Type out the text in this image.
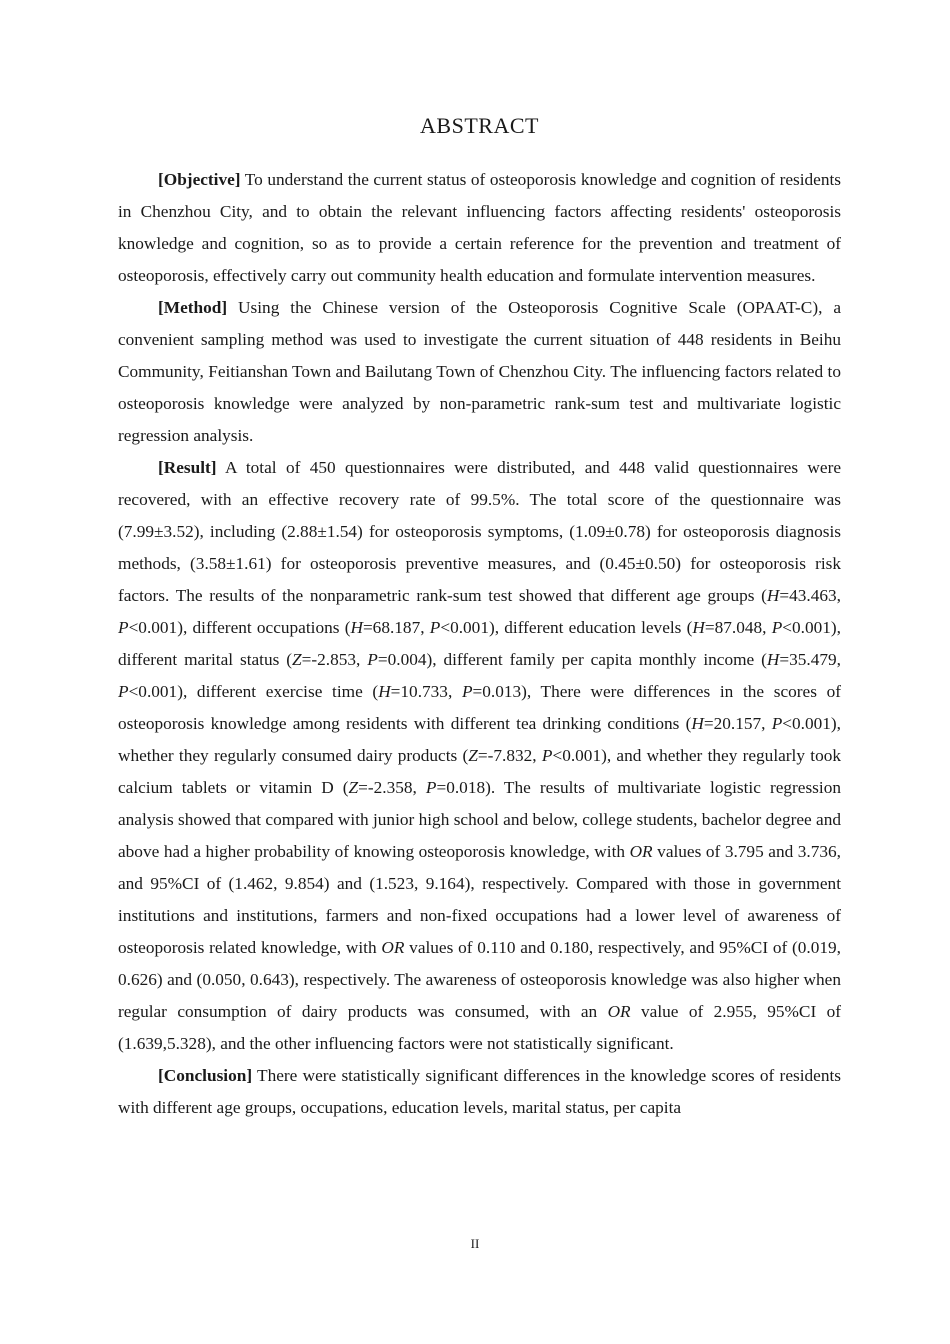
ABSTRACT

[Objective] To understand the current status of osteoporosis knowledge and cognition of residents in Chenzhou City, and to obtain the relevant influencing factors affecting residents' osteoporosis knowledge and cognition, so as to provide a certain reference for the prevention and treatment of osteoporosis, effectively carry out community health education and formulate intervention measures.

[Method] Using the Chinese version of the Osteoporosis Cognitive Scale (OPAAT-C), a convenient sampling method was used to investigate the current situation of 448 residents in Beihu Community, Feitianshan Town and Bailutang Town of Chenzhou City. The influencing factors related to osteoporosis knowledge were analyzed by non-parametric rank-sum test and multivariate logistic regression analysis.

[Result] A total of 450 questionnaires were distributed, and 448 valid questionnaires were recovered, with an effective recovery rate of 99.5%. The total score of the questionnaire was (7.99±3.52), including (2.88±1.54) for osteoporosis symptoms, (1.09±0.78) for osteoporosis diagnosis methods, (3.58±1.61) for osteoporosis preventive measures, and (0.45±0.50) for osteoporosis risk factors. The results of the nonparametric rank-sum test showed that different age groups (H=43.463, P<0.001), different occupations (H=68.187, P<0.001), different education levels (H=87.048, P<0.001), different marital status (Z=-2.853, P=0.004), different family per capita monthly income (H=35.479, P<0.001), different exercise time (H=10.733, P=0.013), There were differences in the scores of osteoporosis knowledge among residents with different tea drinking conditions (H=20.157, P<0.001), whether they regularly consumed dairy products (Z=-7.832, P<0.001), and whether they regularly took calcium tablets or vitamin D (Z=-2.358, P=0.018). The results of multivariate logistic regression analysis showed that compared with junior high school and below, college students, bachelor degree and above had a higher probability of knowing osteoporosis knowledge, with OR values of 3.795 and 3.736, and 95%CI of (1.462, 9.854) and (1.523, 9.164), respectively. Compared with those in government institutions and institutions, farmers and non-fixed occupations had a lower level of awareness of osteoporosis related knowledge, with OR values of 0.110 and 0.180, respectively, and 95%CI of (0.019, 0.626) and (0.050, 0.643), respectively. The awareness of osteoporosis knowledge was also higher when regular consumption of dairy products was consumed, with an OR value of 2.955, 95%CI of (1.639,5.328), and the other influencing factors were not statistically significant.

[Conclusion] There were statistically significant differences in the knowledge scores of residents with different age groups, occupations, education levels, marital status, per capita

II
